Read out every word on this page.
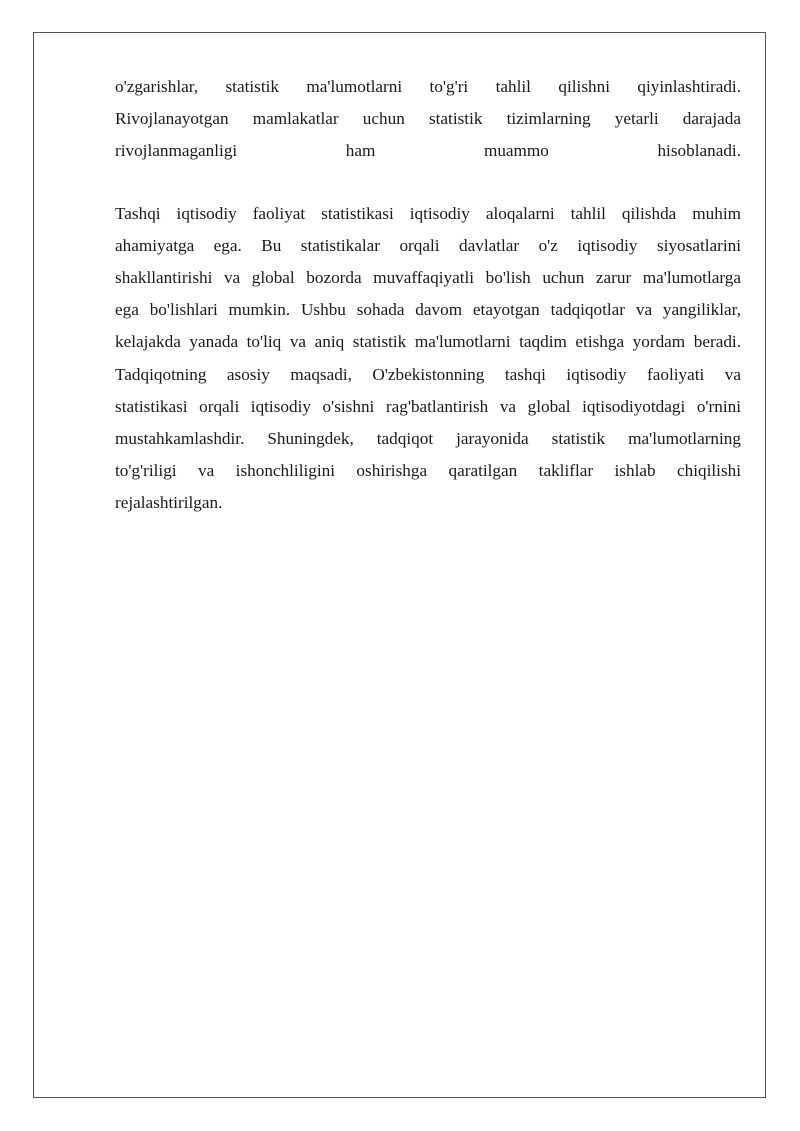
o'zgarishlar, statistik ma'lumotlarni to'g'ri tahlil qilishni qiyinlashtiradi.
Rivojlanayotgan mamlakatlar uchun statistik tizimlarning yetarli darajada
rivojlanmaganligi ham muammo hisoblanadi.
Tashqi iqtisodiy faoliyat statistikasi iqtisodiy aloqalarni tahlil qilishda muhim
ahamiyatga ega. Bu statistikalar orqali davlatlar o'z iqtisodiy siyosatlarini
shakllantirishi va global bozorda muvaffaqiyatli bo'lish uchun zarur ma'lumotlarga
ega bo'lishlari mumkin. Ushbu sohada davom etayotgan tadqiqotlar va yangiliklar,
kelajakda yanada to'liq va aniq statistik ma'lumotlarni taqdim etishga yordam beradi.
Tadqiqotning asosiy maqsadi, O'zbekistonning tashqi iqtisodiy faoliyati va
statistikasi orqali iqtisodiy o'sishni rag'batlantirish va global iqtisodiyotdagi o'rnini
mustahkamlashdir. Shuningdek, tadqiqot jarayonida statistik ma'lumotlarning
to'g'riligi va ishonchliligini oshirishga qaratilgan takliflar ishlab chiqilishi
rejalashtirilgan.
